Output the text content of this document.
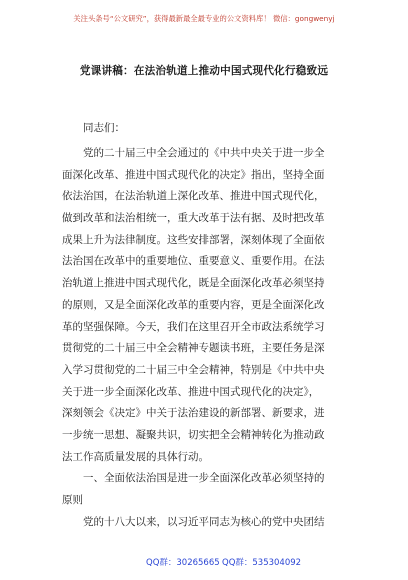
关注头条号“公文研究”，获得最新最全最专业的公文资料库！ 微信：gongwenyj
党课讲稿：在法治轨道上推动中国式现代化行稳致远
同志们：
党的二十届三中全会通过的《中共中央关于进一步全
面深化改革、推进中国式现代化的决定》指出，坚持全面
依法治国，在法治轨道上深化改革、推进中国式现代化，
做到改革和法治相统一，重大改革于法有据、及时把改革
成果上升为法律制度。这些安排部署，深刻体现了全面依
法治国在改革中的重要地位、重要意义、重要作用。在法
治轨道上推进中国式现代化，既是全面深化改革必须坚持
的原则，又是全面深化改革的重要内容，更是全面深化改
革的坚强保障。今天，我们在这里召开全市政法系统学习
贯彻党的二十届三中全会精神专题读书班，主要任务是深
入学习贯彻党的二十届三中全会精神，特别是《中共中央
关于进一步全面深化改革、推进中国式现代化的决定》，
深刻领会《决定》中关于法治建设的新部署、新要求，进
一步统一思想、凝聚共识，切实把全会精神转化为推动政
法工作高质量发展的具体行动。
一、全面依法治国是进一步全面深化改革必须坚持的
原则
党的十八大以来，以习近平同志为核心的党中央团结
QQ群：30265665 QQ群：535304092
